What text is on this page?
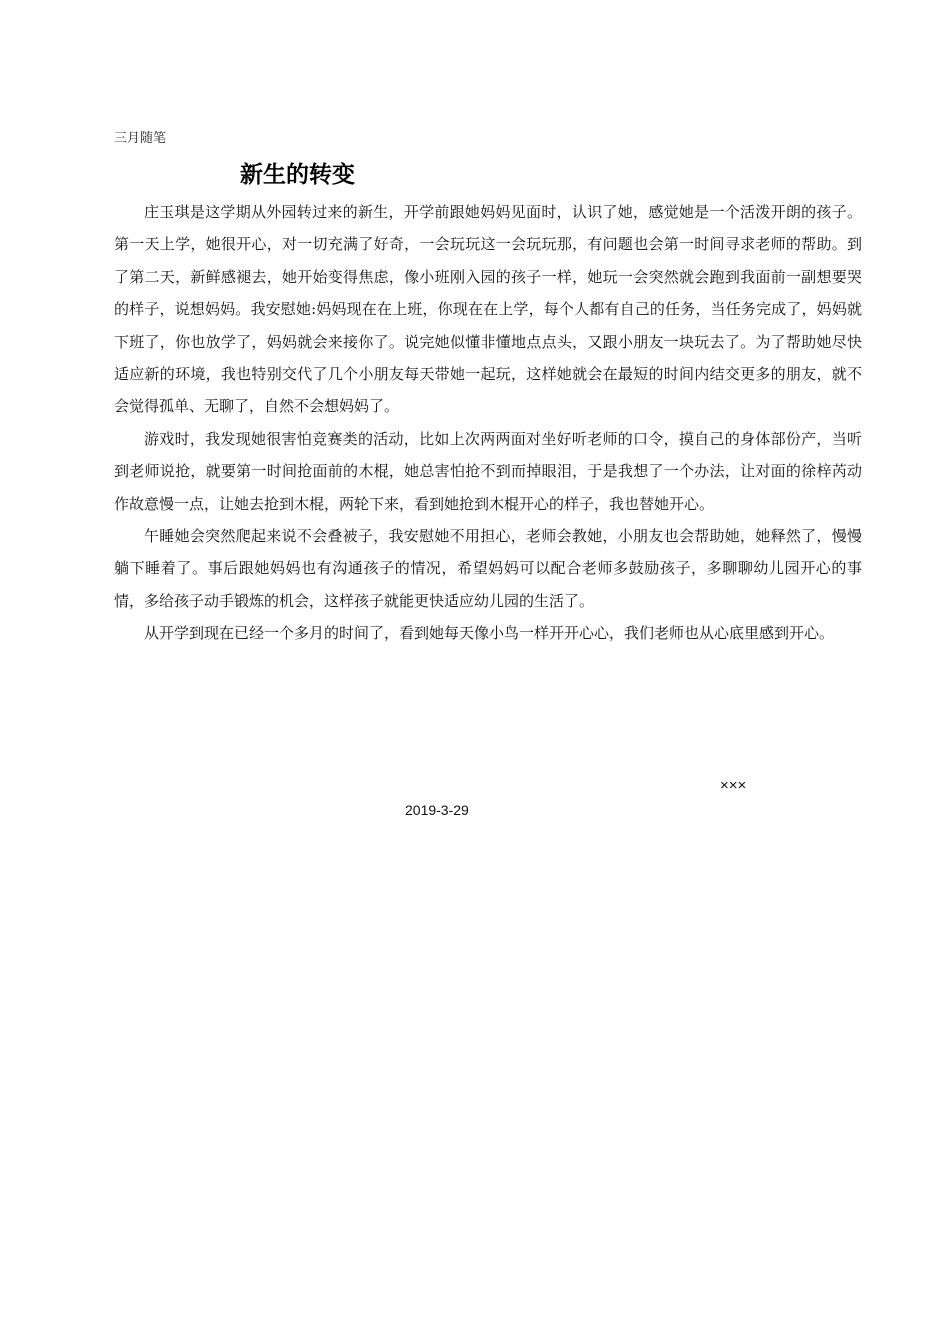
三月随笔
新生的转变

庄玉琪是这学期从外园转过来的新生，开学前跟她妈妈见面时，认识了她，感觉她是一个活泼开朗的孩子。第一天上学，她很开心，对一切充满了好奇，一会玩玩这一会玩玩那，有问题也会第一时间寻求老师的帮助。到了第二天，新鲜感褪去，她开始变得焦虑，像小班刚入园的孩子一样，她玩一会突然就会跑到我面前一副想要哭的样子，说想妈妈。我安慰她:妈妈现在在上班，你现在在上学，每个人都有自己的任务，当任务完成了，妈妈就下班了，你也放学了，妈妈就会来接你了。说完她似懂非懂地点点头，又跟小朋友一块玩去了。为了帮助她尽快适应新的环境，我也特别交代了几个小朋友每天带她一起玩，这样她就会在最短的时间内结交更多的朋友，就不会觉得孤单、无聊了，自然不会想妈妈了。

游戏时，我发现她很害怕竞赛类的活动，比如上次两两面对坐好听老师的口令，摸自己的身体部份产，当听到老师说抢，就要第一时间抢面前的木棍，她总害怕抢不到而掉眼泪，于是我想了一个办法，让对面的徐梓芮动作故意慢一点，让她去抢到木棍，两轮下来，看到她抢到木棍开心的样子，我也替她开心。

午睡她会突然爬起来说不会叠被子，我安慰她不用担心，老师会教她，小朋友也会帮助她，她释然了，慢慢躺下睡着了。事后跟她妈妈也有沟通孩子的情况，希望妈妈可以配合老师多鼓励孩子，多聊聊幼儿园开心的事情，多给孩子动手锻炼的机会，这样孩子就能更快适应幼儿园的生活了。

从开学到现在已经一个多月的时间了，看到她每天像小鸟一样开开心心，我们老师也从心底里感到开心。

×××
2019-3-29
